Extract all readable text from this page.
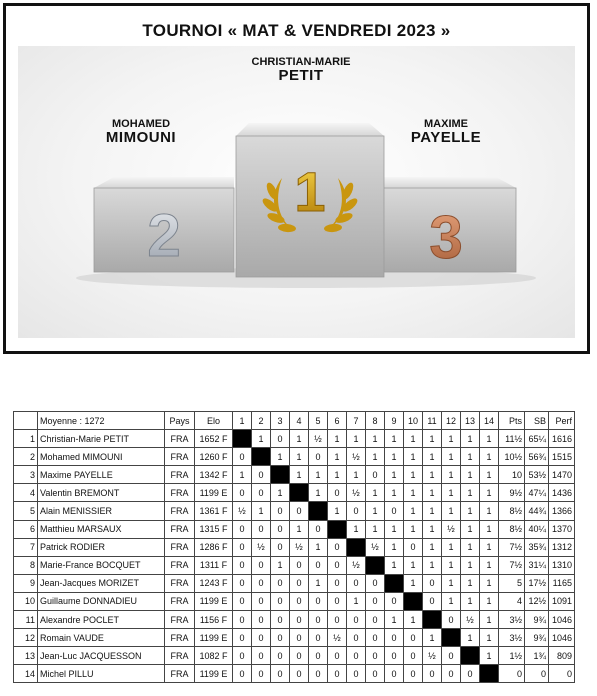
1
2	3
TOURNOI « MAT & VENDREDI 2023 »
CHRISTIAN-MARIE
PETIT
MOHAMED
MIMOUNI
MAXIME
PAYELLE
	Moyenne : 1272	Pays	Elo	1	2	3	4	5	6	7	8	9	10	11	12	13	14	Pts	SB	Perf
1	Christian-Marie PETIT	FRA	1652 F		1	0	1	½	1	1	1	1	1	1	1	1	1	11½	65¼	1616
2	Mohamed MIMOUNI	FRA	1260 F	0		1	1	0	1	½	1	1	1	1	1	1	1	10½	56¾	1515
3	Maxime PAYELLE	FRA	1342 F	1	0		1	1	1	1	0	1	1	1	1	1	1	10	53½	1470
4	Valentin BREMONT	FRA	1199 E	0	0	1		1	0	½	1	1	1	1	1	1	1	9½	47¼	1436
5	Alain MENISSIER	FRA	1361 F	½	1	0	0		1	0	1	0	1	1	1	1	1	8½	44¾	1366
6	Matthieu MARSAUX	FRA	1315 F	0	0	0	1	0		1	1	1	1	1	½	1	1	8½	40¼	1370
7	Patrick RODIER	FRA	1286 F	0	½	0	½	1	0		½	1	0	1	1	1	1	7½	35¾	1312
8	Marie-France BOCQUET	FRA	1311 F	0	0	1	0	0	0	½		1	1	1	1	1	1	7½	31¼	1310
9	Jean-Jacques MORIZET	FRA	1243 F	0	0	0	0	1	0	0	0		1	0	1	1	1	5	17½	1165
10	Guillaume DONNADIEU	FRA	1199 E	0	0	0	0	0	0	1	0	0		0	1	1	1	4	12½	1091
11	Alexandre POCLET	FRA	1156 F	0	0	0	0	0	0	0	0	1	1		0	½	1	3½	9¾	1046
12	Romain VAUDE	FRA	1199 E	0	0	0	0	0	½	0	0	0	0	1		1	1	3½	9¾	1046
13	Jean-Luc JACQUESSON	FRA	1082 F	0	0	0	0	0	0	0	0	0	0	½	0		1	1½	1¾	809
14	Michel PILLU	FRA	1199 E	0	0	0	0	0	0	0	0	0	0	0	0	0		0	0	0
